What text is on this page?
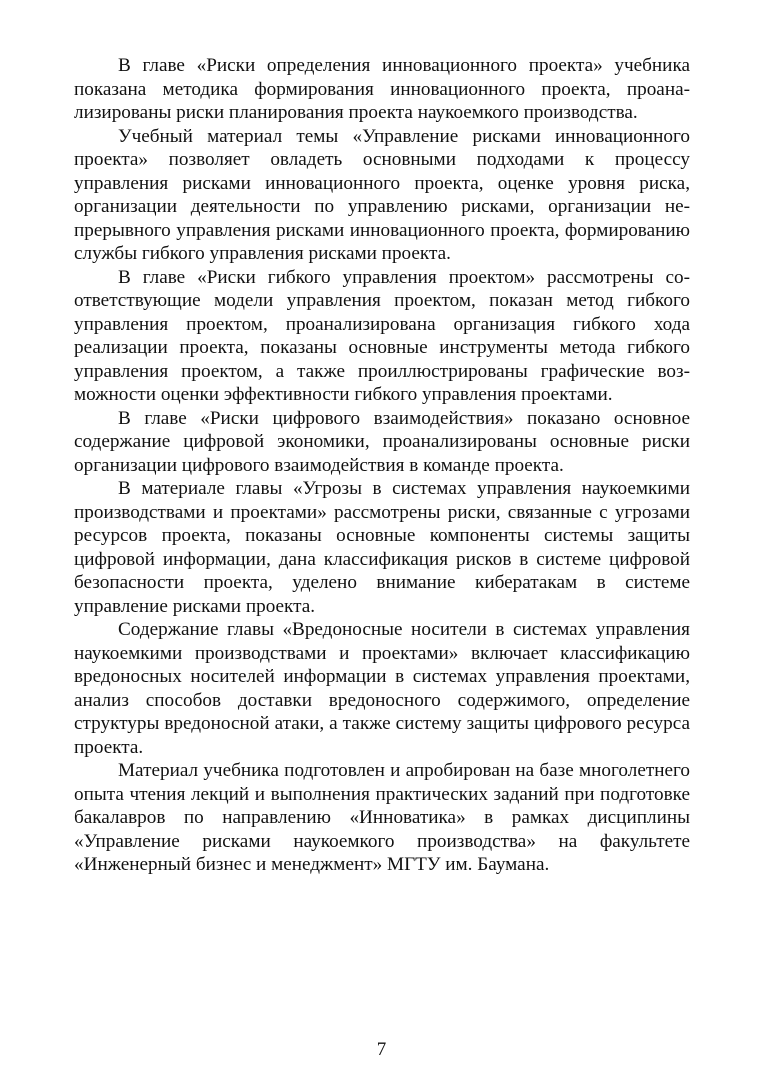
В главе «Риски определения инновационного проекта» учебника показана методика формирования инновационного проекта, проанализированы риски планирования проекта наукоемкого производства.

Учебный материал темы «Управление рисками инновационного проекта» позволяет овладеть основными подходами к процессу управления рисками инновационного проекта, оценке уровня риска, организации деятельности по управлению рисками, организации непрерывного управления рисками инновационного проекта, формированию службы гибкого управления рисками проекта.

В главе «Риски гибкого управления проектом» рассмотрены соответствующие модели управления проектом, показан метод гибкого управления проектом, проанализирована организация гибкого хода реализации проекта, показаны основные инструменты метода гибкого управления проектом, а также проиллюстрированы графические возможности оценки эффективности гибкого управления проектами.

В главе «Риски цифрового взаимодействия» показано основное содержание цифровой экономики, проанализированы основные риски организации цифрового взаимодействия в команде проекта.

В материале главы «Угрозы в системах управления наукоемкими производствами и проектами» рассмотрены риски, связанные с угрозами ресурсов проекта, показаны основные компоненты системы защиты цифровой информации, дана классификация рисков в системе цифровой безопасности проекта, уделено внимание кибератакам в системе управление рисками проекта.

Содержание главы «Вредоносные носители в системах управления наукоемкими производствами и проектами» включает классификацию вредоносных носителей информации в системах управления проектами, анализ способов доставки вредоносного содержимого, определение структуры вредоносной атаки, а также систему защиты цифрового ресурса проекта.

Материал учебника подготовлен и апробирован на базе многолетнего опыта чтения лекций и выполнения практических заданий при подготовке бакалавров по направлению «Инноватика» в рамках дисциплины «Управление рисками наукоемкого производства» на факультете «Инженерный бизнес и менеджмент» МГТУ им. Баумана.

7
